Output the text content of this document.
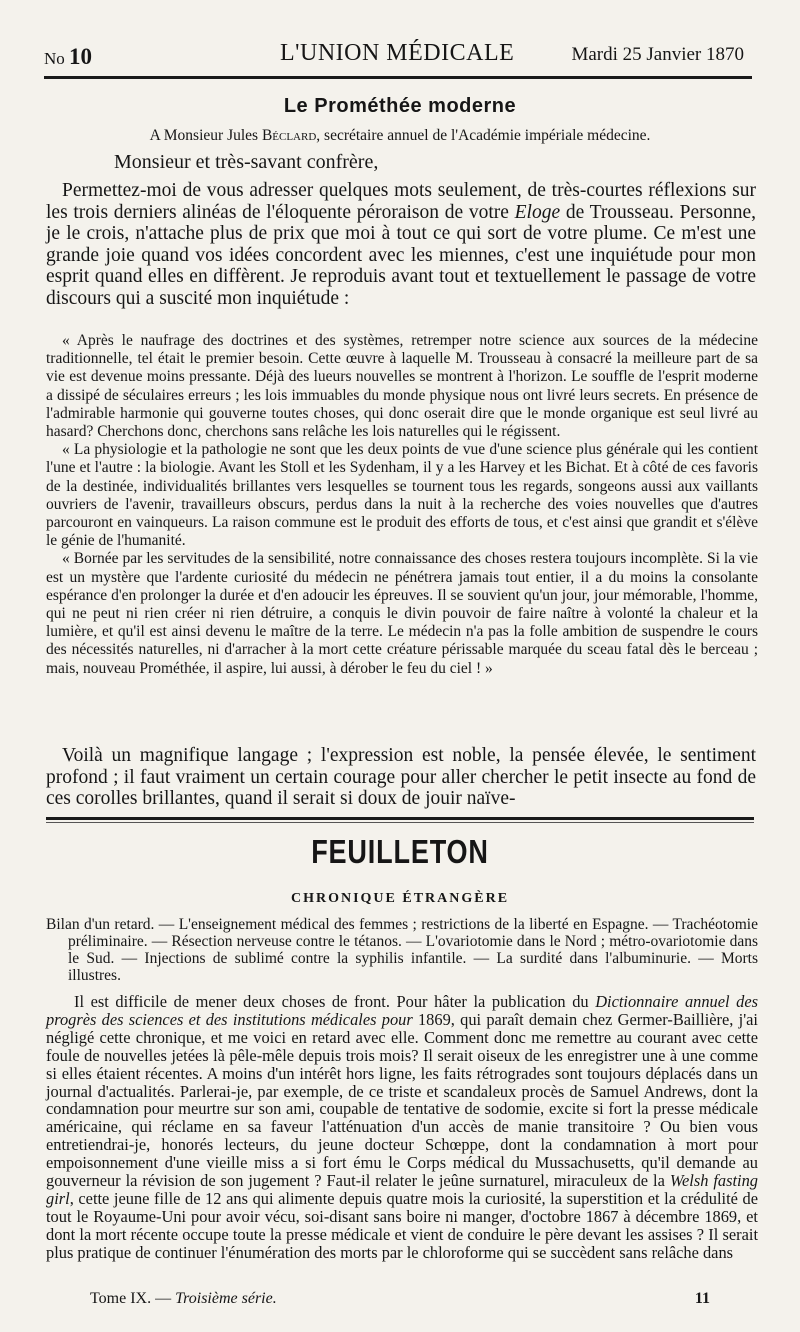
No 10	L'UNION MÉDICALE	Mardi 25 Janvier 1870
Le Prométhée moderne
A Monsieur Jules Béclard, secrétaire annuel de l'Académie impériale médecine.
Monsieur et très-savant confrère,

Permettez-moi de vous adresser quelques mots seulement, de très-courtes réflexions sur les trois derniers alinéas de l'éloquente péroraison de votre Eloge de Trousseau. Personne, je le crois, n'attache plus de prix que moi à tout ce qui sort de votre plume. Ce m'est une grande joie quand vos idées concordent avec les miennes, c'est une inquiétude pour mon esprit quand elles en diffèrent. Je reproduis avant tout et textuellement le passage de votre discours qui a suscité mon inquiétude :

« Après le naufrage des doctrines et des systèmes, retremper notre science aux sources de la médecine traditionnelle, tel était le premier besoin. Cette œuvre à laquelle M. Trousseau à consacré la meilleure part de sa vie est devenue moins pressante. Déjà des lueurs nouvelles se montrent à l'horizon. Le souffle de l'esprit moderne a dissipé de séculaires erreurs ; les lois immuables du monde physique nous ont livré leurs secrets. En présence de l'admirable harmonie qui gouverne toutes choses, qui donc oserait dire que le monde organique est seul livré au hasard? Cherchons donc, cherchons sans relâche les lois naturelles qui le régissent.

« La physiologie et la pathologie ne sont que les deux points de vue d'une science plus générale qui les contient l'une et l'autre : la biologie. Avant les Stoll et les Sydenham, il y a les Harvey et les Bichat. Et à côté de ces favoris de la destinée, individualités brillantes vers lesquelles se tournent tous les regards, songeons aussi aux vaillants ouvriers de l'avenir, travailleurs obscurs, perdus dans la nuit à la recherche des voies nouvelles que d'autres parcouront en vainqueurs. La raison commune est le produit des efforts de tous, et c'est ainsi que grandit et s'élève le génie de l'humanité.

« Bornée par les servitudes de la sensibilité, notre connaissance des choses restera toujours incomplète. Si la vie est un mystère que l'ardente curiosité du médecin ne pénétrera jamais tout entier, il a du moins la consolante espérance d'en prolonger la durée et d'en adoucir les épreuves. Il se souvient qu'un jour, jour mémorable, l'homme, qui ne peut ni rien créer ni rien détruire, a conquis le divin pouvoir de faire naître à volonté la chaleur et la lumière, et qu'il est ainsi devenu le maître de la terre. Le médecin n'a pas la folle ambition de suspendre le cours des nécessités naturelles, ni d'arracher à la mort cette créature périssable marquée du sceau fatal dès le berceau ; mais, nouveau Prométhée, il aspire, lui aussi, à dérober le feu du ciel ! »

Voilà un magnifique langage ; l'expression est noble, la pensée élevée, le sentiment profond ; il faut vraiment un certain courage pour aller chercher le petit insecte au fond de ces corolles brillantes, quand il serait si doux de jouir naïve-

FEUILLETON
CHRONIQUE ÉTRANGÈRE

Bilan d'un retard. — L'enseignement médical des femmes ; restrictions de la liberté en Espagne. — Trachéotomie préliminaire. — Résection nerveuse contre le tétanos. — L'ovariotomie dans le Nord ; métro-ovariotomie dans le Sud. — Injections de sublimé contre la syphilis infantile. — La surdité dans l'albuminurie. — Morts illustres.

Il est difficile de mener deux choses de front. Pour hâter la publication du Dictionnaire annuel des progrès des sciences et des institutions médicales pour 1869, qui paraît demain chez Germer-Baillière, j'ai négligé cette chronique, et me voici en retard avec elle. Comment donc me remettre au courant avec cette foule de nouvelles jetées là pêle-mêle depuis trois mois? Il serait oiseux de les enregistrer une à une comme si elles étaient récentes. A moins d'un intérêt hors ligne, les faits rétrogrades sont toujours déplacés dans un journal d'actualités. Parlerai-je, par exemple, de ce triste et scandaleux procès de Samuel Andrews, dont la condamnation pour meurtre sur son ami, coupable de tentative de sodomie, excite si fort la presse médicale américaine, qui réclame en sa faveur l'atténuation d'un accès de manie transitoire ? Ou bien vous entretiendrai-je, honorés lecteurs, du jeune docteur Schœppe, dont la condamnation à mort pour empoisonnement d'une vieille miss a si fort ému le Corps médical du Mussachusetts, qu'il demande au gouverneur la révision de son jugement ? Faut-il relater le jeûne surnaturel, miraculeux de la Welsh fasting girl, cette jeune fille de 12 ans qui alimente depuis quatre mois la curiosité, la superstition et la crédulité de tout le Royaume-Uni pour avoir vécu, soi-disant sans boire ni manger, d'octobre 1867 à décembre 1869, et dont la mort récente occupe toute la presse médicale et vient de conduire le père devant les assises ? Il serait plus pratique de continuer l'énumération des morts par le chloroforme qui se succèdent sans relâche dans

Tome IX. — Troisième série.	11
